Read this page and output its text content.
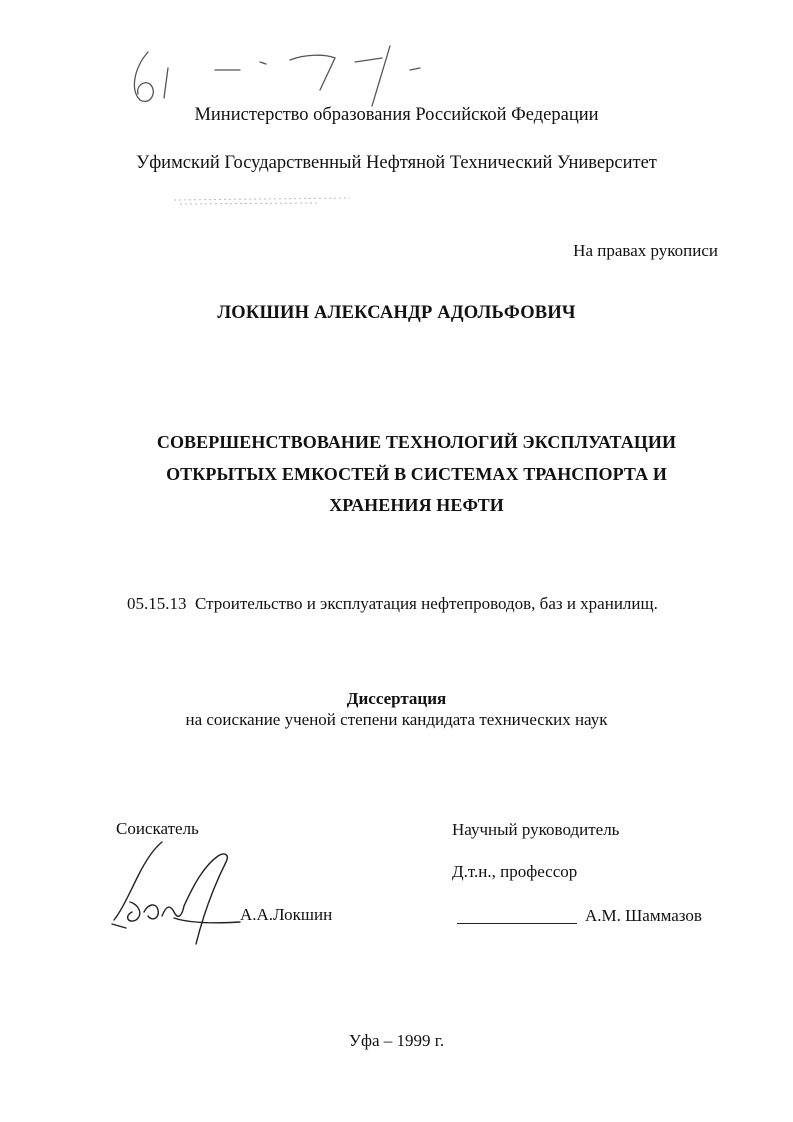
Министерство образования Российской Федерации

Уфимский Государственный Нефтяной Технический Университет

На правах рукописи

ЛОКШИН АЛЕКСАНДР АДОЛЬФОВИЧ

СОВЕРШЕНСТВОВАНИЕ ТЕХНОЛОГИЙ ЭКСПЛУАТАЦИИ
ОТКРЫТЫХ ЕМКОСТЕЙ В СИСТЕМАХ ТРАНСПОРТА И
ХРАНЕНИЯ НЕФТИ

05.15.13  Строительство и эксплуатация нефтепроводов, баз и хранилищ.

Диссертация

на соискание ученой степени кандидата технических наук

Соискатель

А.А.Локшин

Научный руководитель

Д.т.н., профессор

А.М. Шаммазов

Уфа – 1999 г.
